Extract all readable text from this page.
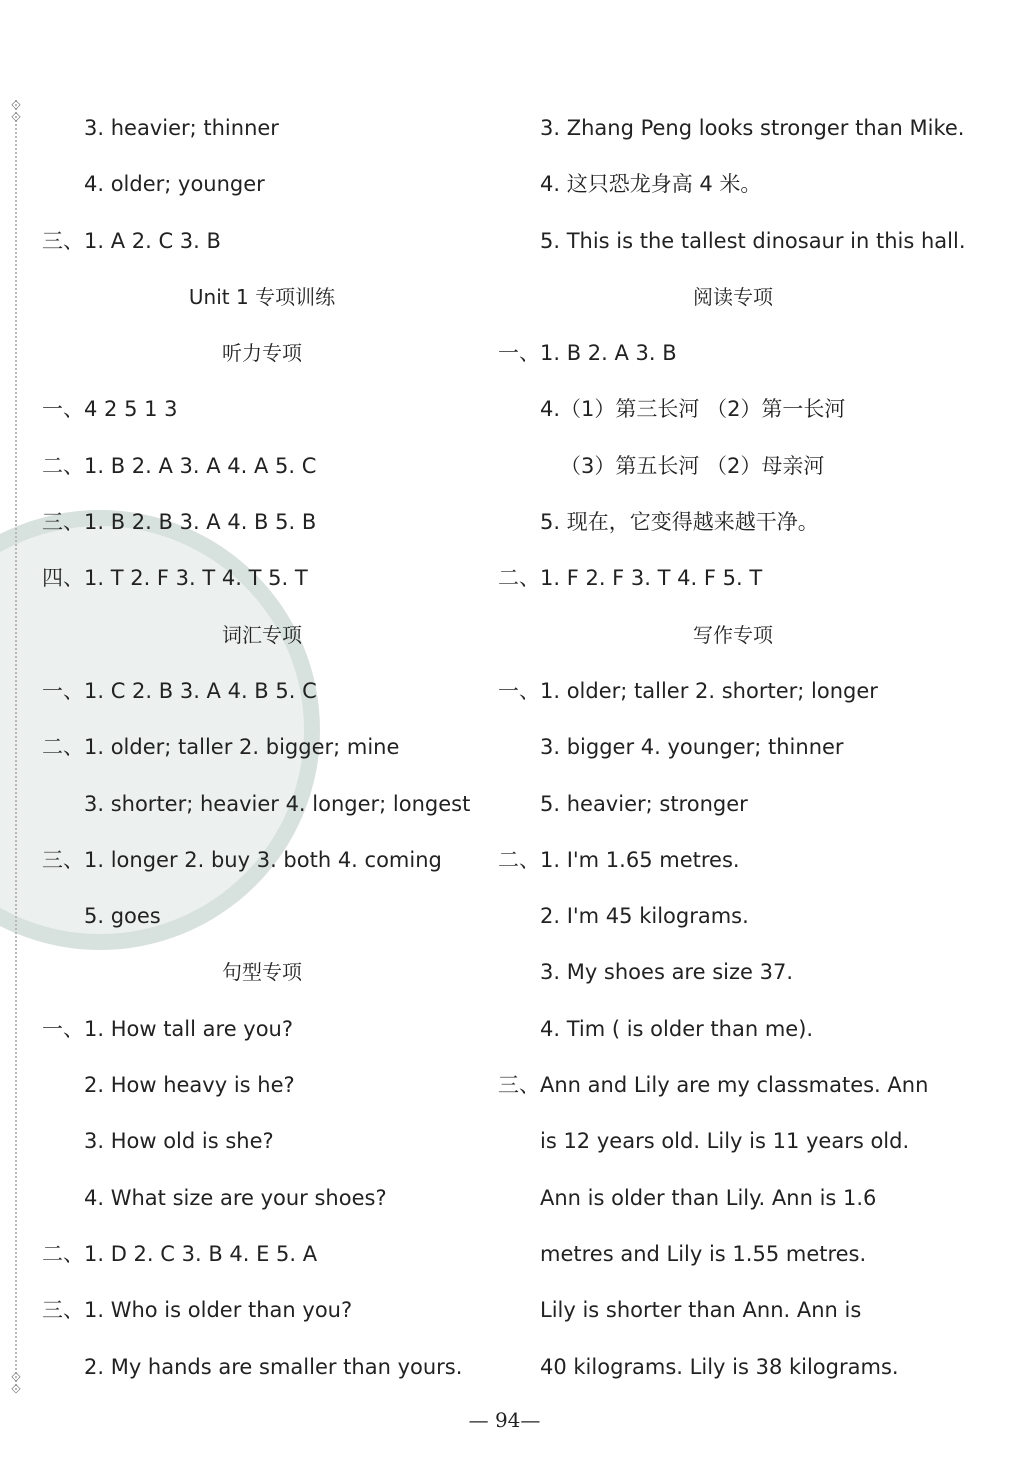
◇
◇
◇
◇
3. heavier; thinner
4. older; younger
三、1. A 2. C 3. B
Unit 1 专项训练
听力专项
一、4 2 5 1 3
二、1. B 2. A 3. A 4. A 5. C
三、1. B 2. B 3. A 4. B 5. B
四、1. T 2. F 3. T 4. T 5. T
词汇专项
一、1. C 2. B 3. A 4. B 5. C
二、1. older; taller 2. bigger; mine
3. shorter; heavier 4. longer; longest
三、1. longer 2. buy 3. both 4. coming
5. goes
句型专项
一、1. How tall are you?
2. How heavy is he?
3. How old is she?
4. What size are your shoes?
二、1. D 2. C 3. B 4. E 5. A
三、1. Who is older than you?
2. My hands are smaller than yours.
3. Zhang Peng looks stronger than Mike.
4. 这只恐龙身高 4 米。
5. This is the tallest dinosaur in this hall.
阅读专项
一、1. B 2. A 3. B
4.（1）第三长河 （2）第一长河
（3）第五长河 （2）母亲河
5. 现在，它变得越来越干净。
二、1. F 2. F 3. T 4. F 5. T
写作专项
一、1. older; taller 2. shorter; longer
3. bigger 4. younger; thinner
5. heavier; stronger
二、1. I'm 1.65 metres.
2. I'm 45 kilograms.
3. My shoes are size 37.
4. Tim ( is older than me).
三、Ann and Lily are my classmates. Ann
is 12 years old. Lily is 11 years old.
Ann is older than Lily. Ann is 1.6
metres and Lily is 1.55 metres.
Lily is shorter than Ann. Ann is
40 kilograms. Lily is 38 kilograms.
— 94—
